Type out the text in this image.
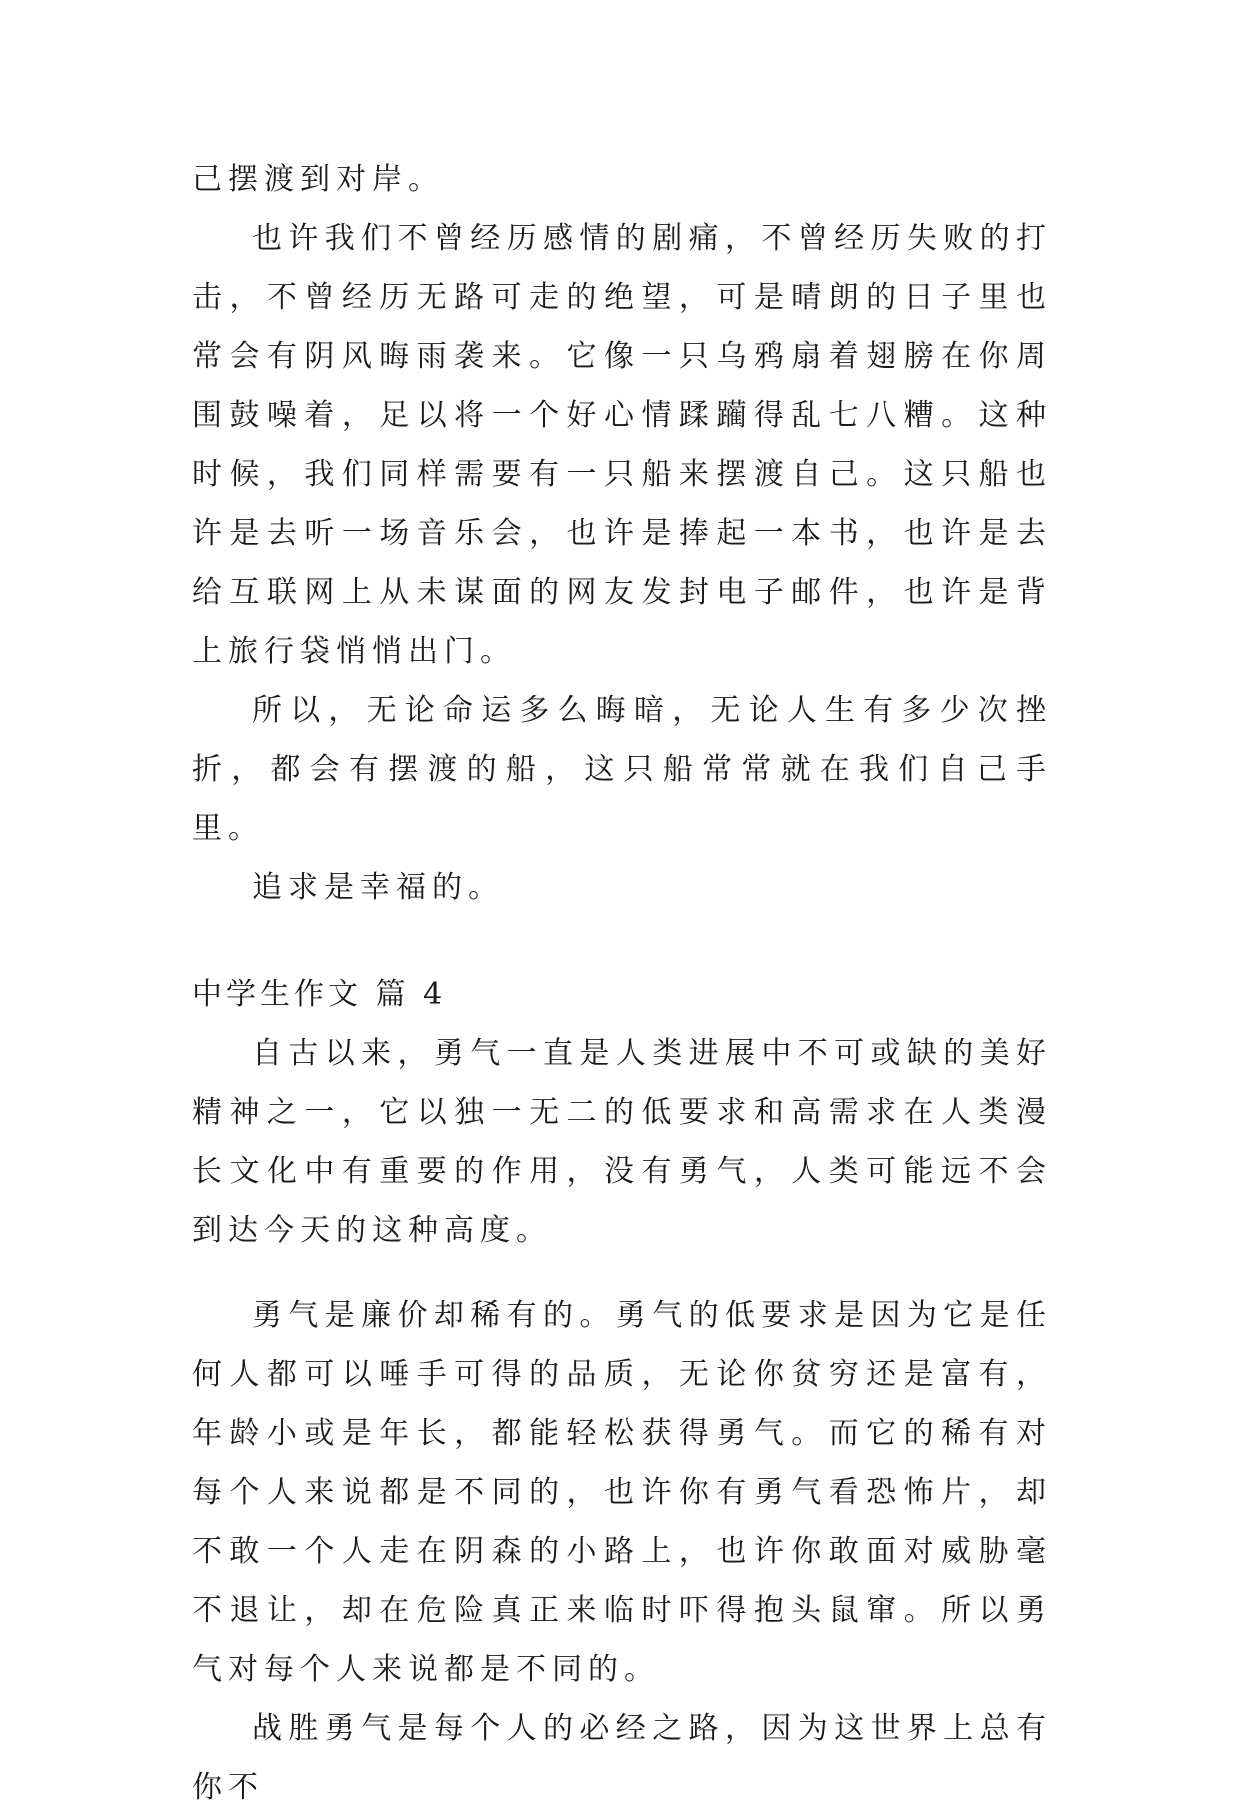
己摆渡到对岸。

也许我们不曾经历感情的剧痛，不曾经历失败的打击，不曾经历无路可走的绝望，可是晴朗的日子里也常会有阴风晦雨袭来。它像一只乌鸦扇着翅膀在你周围鼓噪着，足以将一个好心情蹂躏得乱七八糟。这种时候，我们同样需要有一只船来摆渡自己。这只船也许是去听一场音乐会，也许是捧起一本书，也许是去给互联网上从未谋面的网友发封电子邮件，也许是背上旅行袋悄悄出门。

所以，无论命运多么晦暗，无论人生有多少次挫折，都会有摆渡的船，这只船常常就在我们自己手里。

追求是幸福的。

中学生作文 篇 4

自古以来，勇气一直是人类进展中不可或缺的美好精神之一，它以独一无二的低要求和高需求在人类漫长文化中有重要的作用，没有勇气，人类可能远不会到达今天的这种高度。

勇气是廉价却稀有的。勇气的低要求是因为它是任何人都可以唾手可得的品质，无论你贫穷还是富有，年龄小或是年长，都能轻松获得勇气。而它的稀有对每个人来说都是不同的，也许你有勇气看恐怖片，却不敢一个人走在阴森的小路上，也许你敢面对威胁毫不退让，却在危险真正来临时吓得抱头鼠窜。所以勇气对每个人来说都是不同的。

战胜勇气是每个人的必经之路，因为这世界上总有你不
